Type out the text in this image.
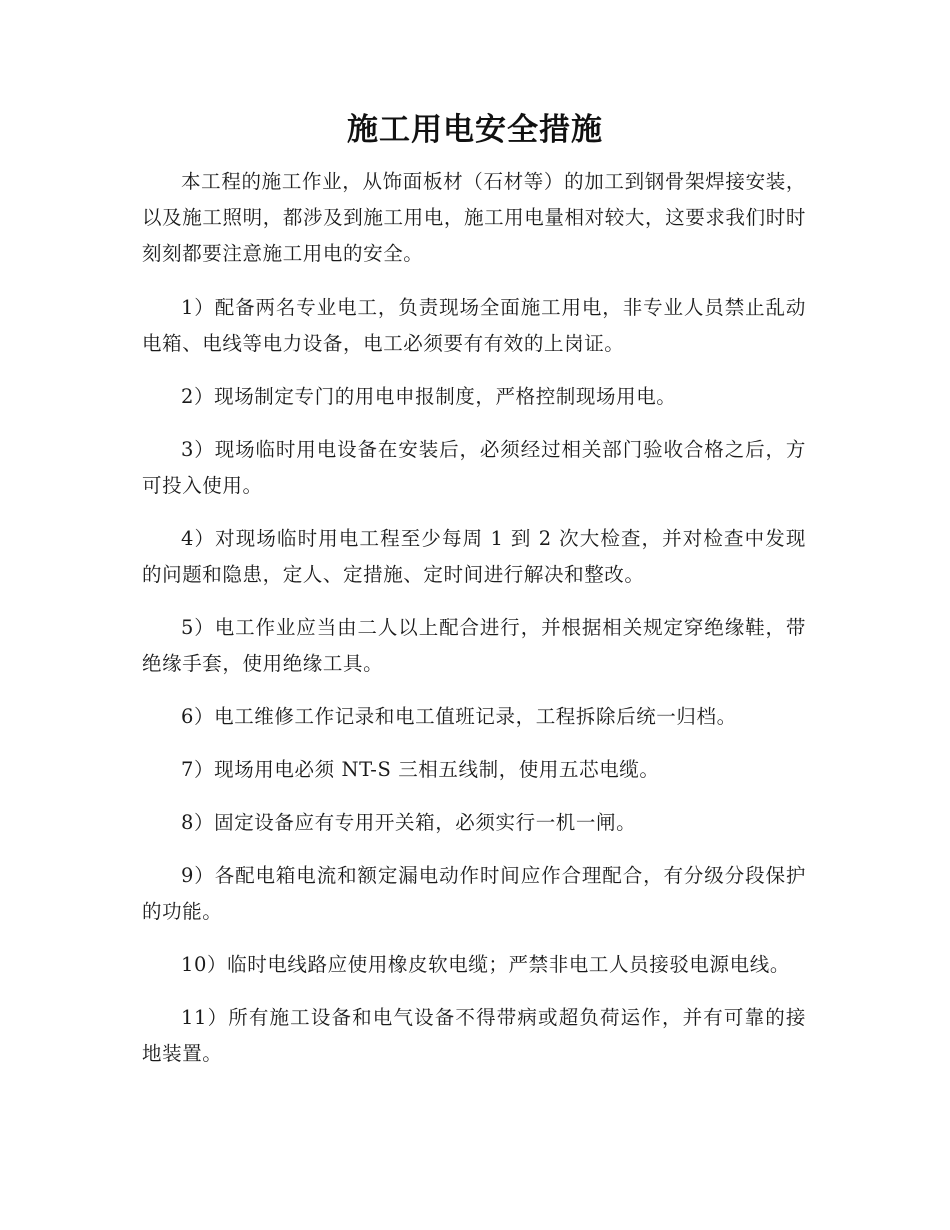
施工用电安全措施

本工程的施工作业，从饰面板材（石材等）的加工到钢骨架焊接安装，以及施工照明，都涉及到施工用电，施工用电量相对较大，这要求我们时时刻刻都要注意施工用电的安全。

1）配备两名专业电工，负责现场全面施工用电，非专业人员禁止乱动电箱、电线等电力设备，电工必须要有有效的上岗证。

2）现场制定专门的用电申报制度，严格控制现场用电。

3）现场临时用电设备在安装后，必须经过相关部门验收合格之后，方可投入使用。

4）对现场临时用电工程至少每周 1 到 2 次大检查，并对检查中发现的问题和隐患，定人、定措施、定时间进行解决和整改。

5）电工作业应当由二人以上配合进行，并根据相关规定穿绝缘鞋，带绝缘手套，使用绝缘工具。

6）电工维修工作记录和电工值班记录，工程拆除后统一归档。

7）现场用电必须 NT-S 三相五线制，使用五芯电缆。

8）固定设备应有专用开关箱，必须实行一机一闸。

9）各配电箱电流和额定漏电动作时间应作合理配合，有分级分段保护的功能。

10）临时电线路应使用橡皮软电缆；严禁非电工人员接驳电源电线。

11）所有施工设备和电气设备不得带病或超负荷运作，并有可靠的接地装置。
